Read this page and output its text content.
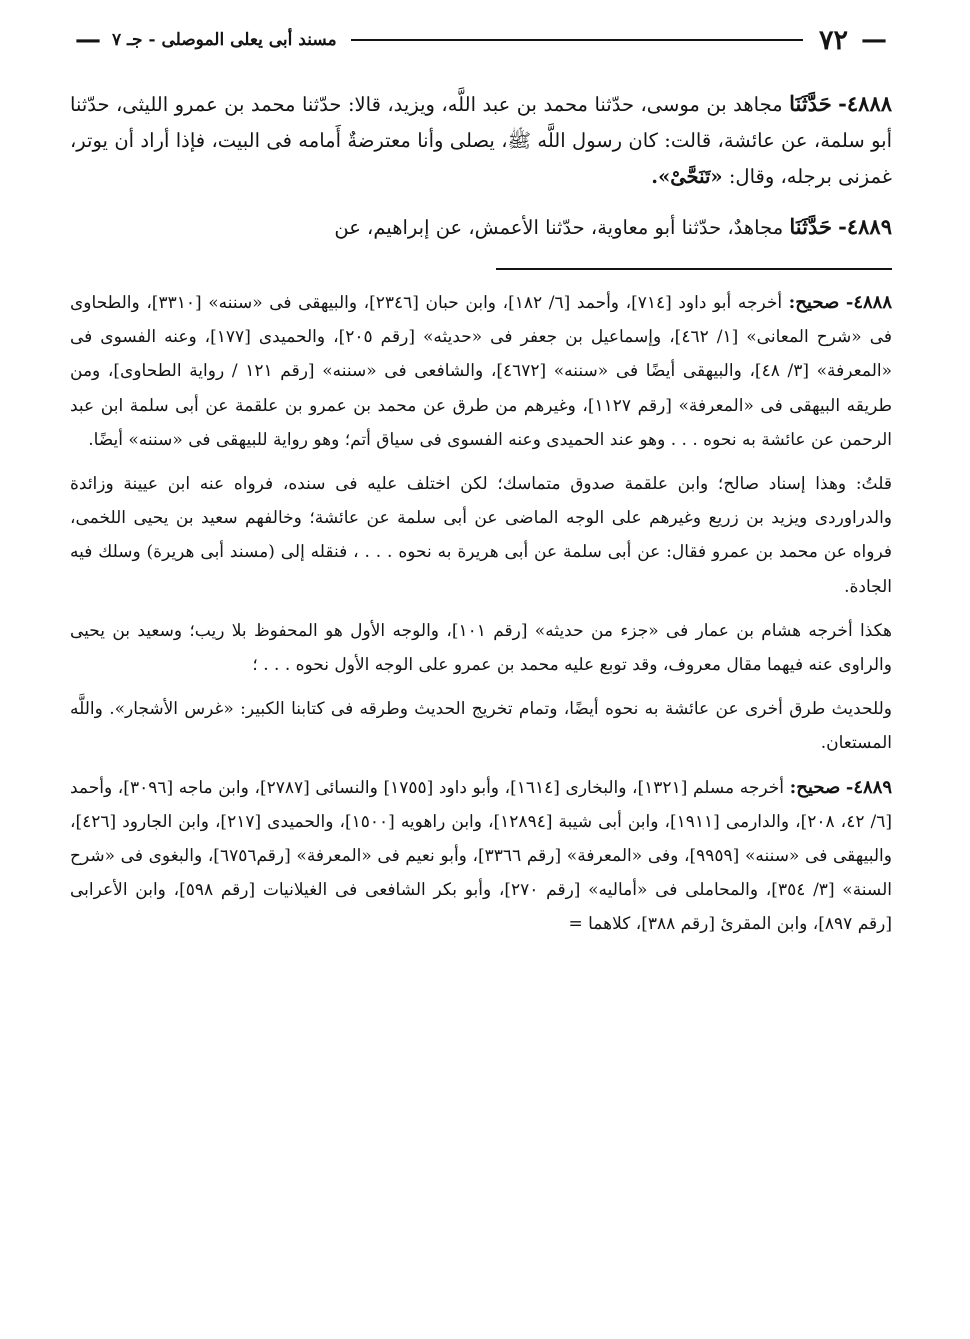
—
٧٢
مسند أبى يعلى الموصلى - جـ ٧
—

٤٨٨٨- حَدَّثَنَا مجاهد بن موسى، حدّثنا محمد بن عبد اللَّه، ويزيد، قالا: حدّثنا محمد بن عمرو الليثى، حدّثنا أبو سلمة، عن عائشة، قالت: كان رسول اللَّه ﷺ، يصلى وأنا معترضةٌ أَمامه فى البيت، فإذا أراد أن يوتر، غمزنى برجله، وقال: «تَنَحَّىْ».

٤٨٨٩- حَدَّثَنَا مجاهدٌ، حدّثنا أبو معاوية، حدّثنا الأعمش، عن إبراهيم، عن

٤٨٨٨- صحيح: أخرجه أبو داود [٧١٤]، وأحمد [٦/ ١٨٢]، وابن حبان [٢٣٤٦]، والبيهقى فى «سننه» [٣٣١٠]، والطحاوى فى «شرح المعانى» [١/ ٤٦٢]، وإسماعيل بن جعفر فى «حديثه» [رقم ٢٠٥]، والحميدى [١٧٧]، وعنه الفسوى فى «المعرفة» [٣/ ٤٨]، والبيهقى أيضًا فى «سننه» [٤٦٧٢]، والشافعى فى «سننه» [رقم ١٢١ / رواية الطحاوى]، ومن طريقه البيهقى فى «المعرفة» [رقم ١١٢٧]، وغيرهم من طرق عن محمد بن عمرو بن علقمة عن أبى سلمة ابن عبد الرحمن عن عائشة به نحوه . . . وهو عند الحميدى وعنه الفسوى فى سياق أتم؛ وهو رواية للبيهقى فى «سننه» أيضًا.

قلتُ: وهذا إسناد صالح؛ وابن علقمة صدوق متماسك؛ لكن اختلف عليه فى سنده، فرواه عنه ابن عيينة وزائدة والدراوردى ويزيد بن زريع وغيرهم على الوجه الماضى عن أبى سلمة عن عائشة؛ وخالفهم سعيد بن يحيى اللخمى، فرواه عن محمد بن عمرو فقال: عن أبى سلمة عن أبى هريرة به نحوه . . . ، فنقله إلى (مسند أبى هريرة) وسلك فيه الجادة.

هكذا أخرجه هشام بن عمار فى «جزء من حديثه» [رقم ١٠١]، والوجه الأول هو المحفوظ بلا ريب؛ وسعيد بن يحيى والراوى عنه فيهما مقال معروف، وقد توبع عليه محمد بن عمرو على الوجه الأول نحوه . . . ؛

وللحديث طرق أخرى عن عائشة به نحوه أيضًا، وتمام تخريج الحديث وطرقه فى كتابنا الكبير: «غرس الأشجار». واللَّه المستعان.

٤٨٨٩- صحيح: أخرجه مسلم [١٣٢١]، والبخارى [١٦١٤]، وأبو داود [١٧٥٥] والنسائى [٢٧٨٧]، وابن ماجه [٣٠٩٦]، وأحمد [٦/ ٤٢، ٢٠٨]، والدارمى [١٩١١]، وابن أبى شيبة [١٢٨٩٤]، وابن راهويه [١٥٠٠]، والحميدى [٢١٧]، وابن الجارود [٤٢٦]، والبيهقى فى «سننه» [٩٩٥٩]، وفى «المعرفة» [رقم ٣٣٦٦]، وأبو نعيم فى «المعرفة» [رقم٦٧٥٦]، والبغوى فى «شرح السنة» [٣/ ٣٥٤]، والمحاملى فى «أماليه» [رقم ٢٧٠]، وأبو بكر الشافعى فى الغيلانيات [رقم ٥٩٨]، وابن الأعرابى [رقم ٨٩٧]، وابن المقرئ [رقم ٣٨٨]، كلاهما =
